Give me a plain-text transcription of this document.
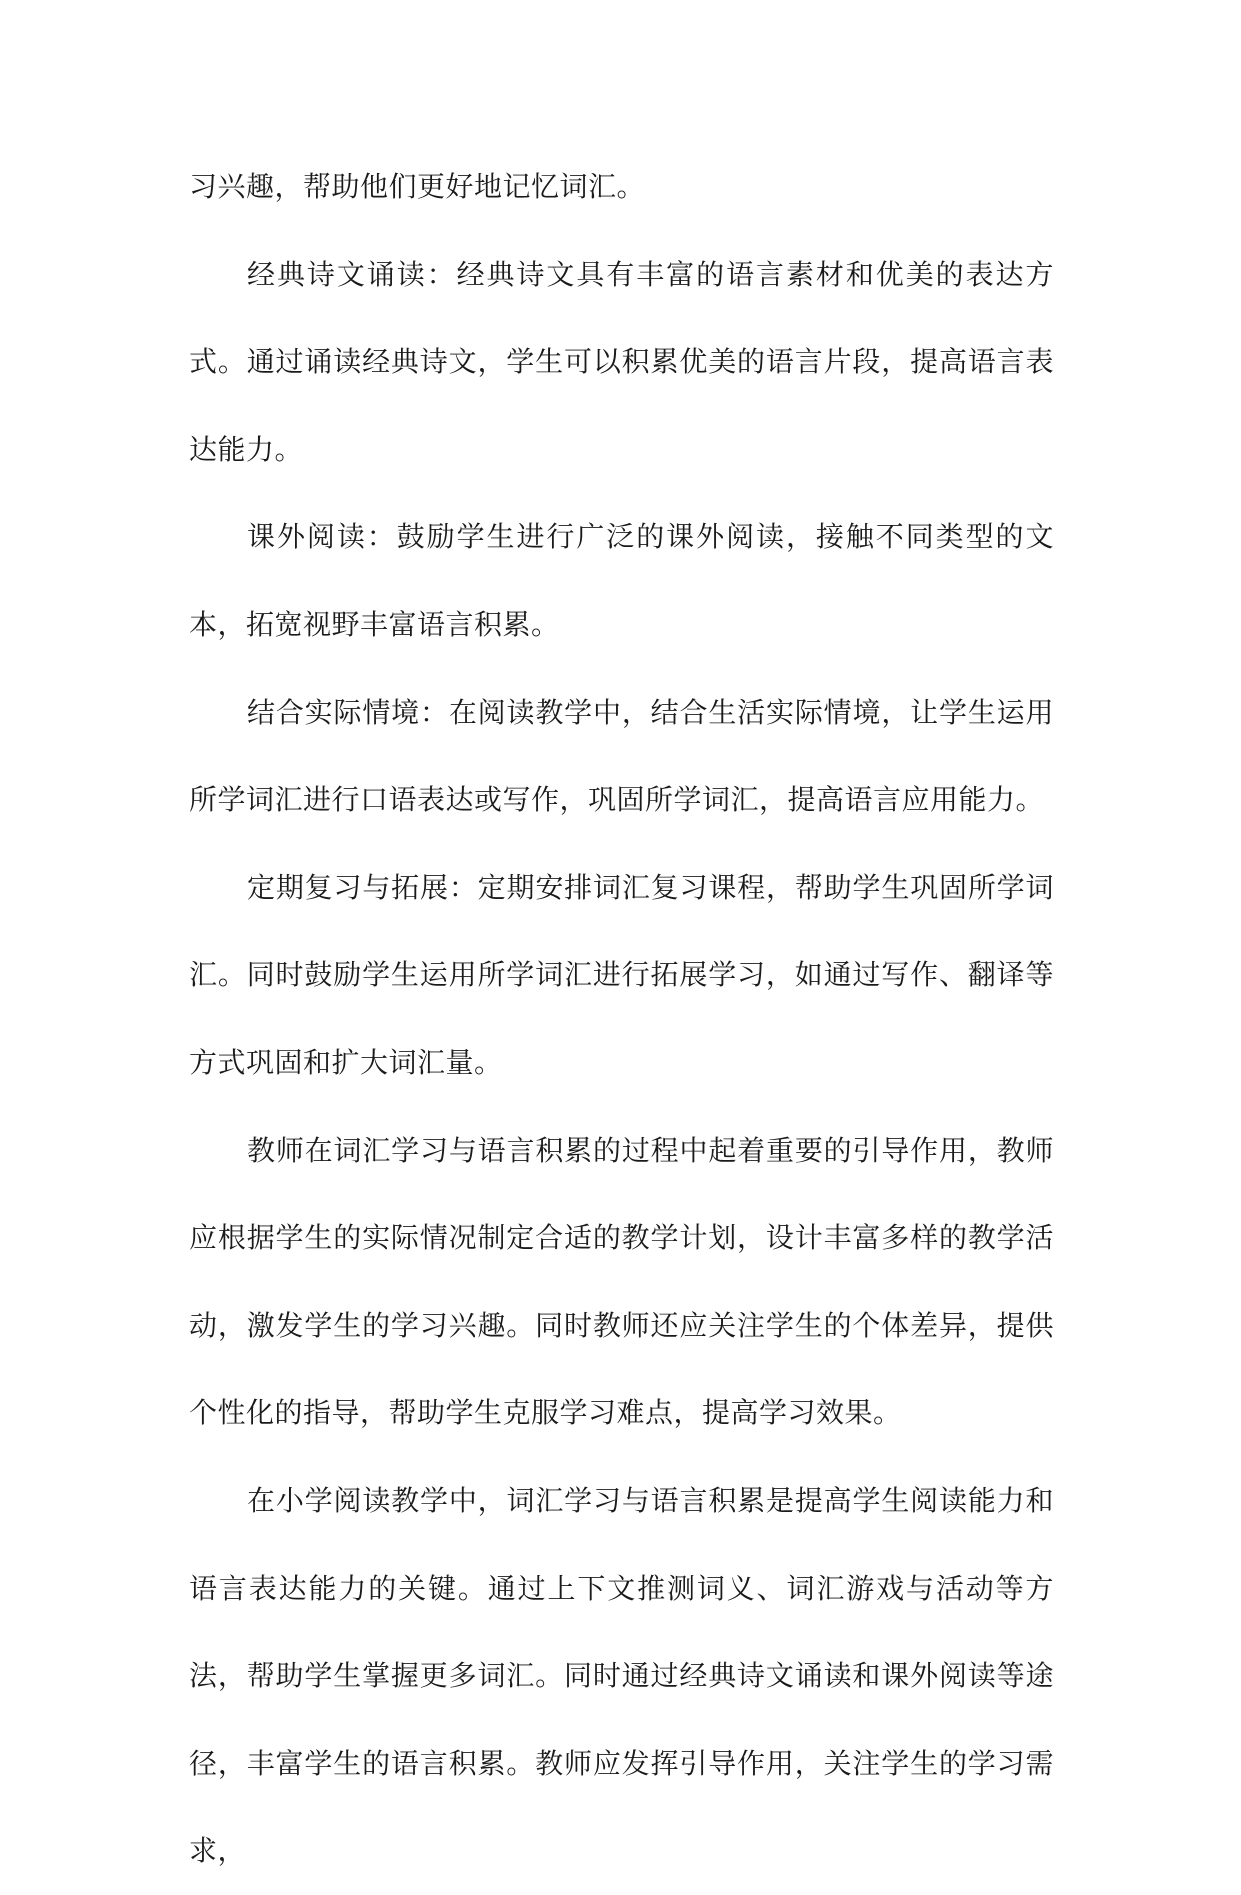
习兴趣，帮助他们更好地记忆词汇。

经典诗文诵读：经典诗文具有丰富的语言素材和优美的表达方式。通过诵读经典诗文，学生可以积累优美的语言片段，提高语言表达能力。

课外阅读：鼓励学生进行广泛的课外阅读，接触不同类型的文本，拓宽视野丰富语言积累。

结合实际情境：在阅读教学中，结合生活实际情境，让学生运用所学词汇进行口语表达或写作，巩固所学词汇，提高语言应用能力。

定期复习与拓展：定期安排词汇复习课程，帮助学生巩固所学词汇。同时鼓励学生运用所学词汇进行拓展学习，如通过写作、翻译等方式巩固和扩大词汇量。

教师在词汇学习与语言积累的过程中起着重要的引导作用，教师应根据学生的实际情况制定合适的教学计划，设计丰富多样的教学活动，激发学生的学习兴趣。同时教师还应关注学生的个体差异，提供个性化的指导，帮助学生克服学习难点，提高学习效果。

在小学阅读教学中，词汇学习与语言积累是提高学生阅读能力和语言表达能力的关键。通过上下文推测词义、词汇游戏与活动等方法，帮助学生掌握更多词汇。同时通过经典诗文诵读和课外阅读等途径，丰富学生的语言积累。教师应发挥引导作用，关注学生的学习需求，
